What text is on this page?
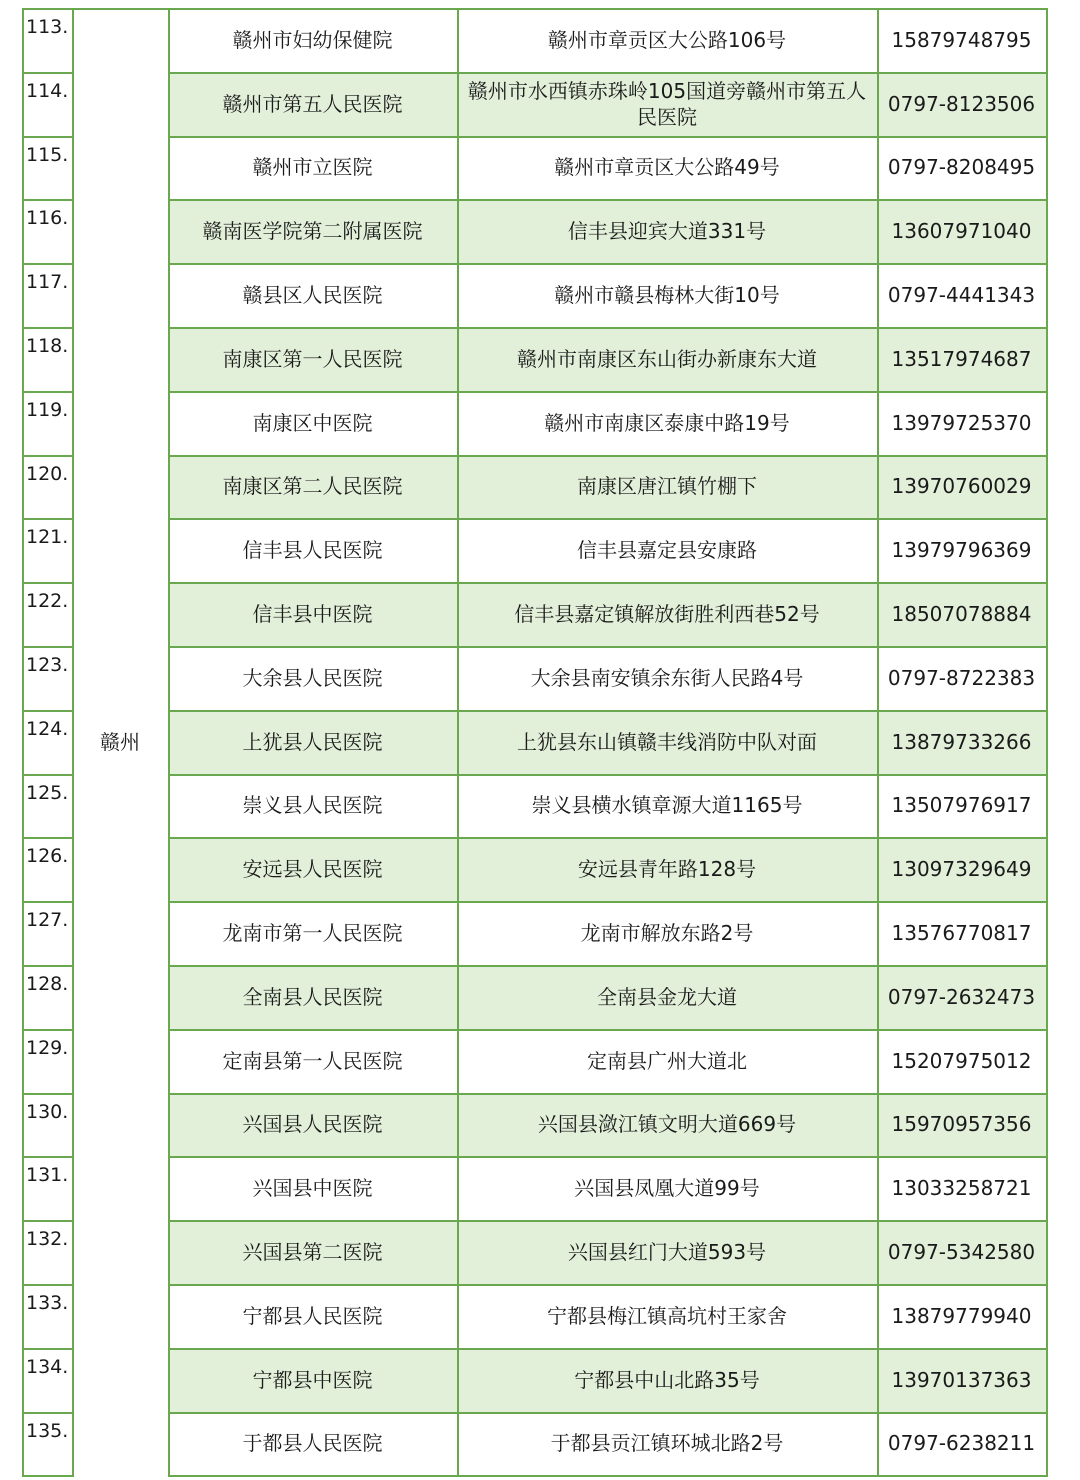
赣州
113.
赣州市妇幼保健院	赣州市章贡区大公路106号	15879748795
114.
赣州市第五人民医院
赣州市水西镇赤珠岭105国道旁赣州市第五人民医院
0797-8123506
115.
赣州市立医院	赣州市章贡区大公路49号	0797-8208495
116.
赣南医学院第二附属医院	信丰县迎宾大道331号	13607971040
117.
赣县区人民医院	赣州市赣县梅林大街10号	0797-4441343
118.
南康区第一人民医院	赣州市南康区东山街办新康东大道	13517974687
119.
南康区中医院	赣州市南康区泰康中路19号	13979725370
120.
南康区第二人民医院	南康区唐江镇竹棚下	13970760029
121.
信丰县人民医院	信丰县嘉定县安康路	13979796369
122.
信丰县中医院	信丰县嘉定镇解放街胜利西巷52号	18507078884
123.
大余县人民医院	大余县南安镇余东街人民路4号	0797-8722383
124.
上犹县人民医院	上犹县东山镇赣丰线消防中队对面	13879733266
125.
崇义县人民医院	崇义县横水镇章源大道1165号	13507976917
126.
安远县人民医院	安远县青年路128号	13097329649
127.
龙南市第一人民医院	龙南市解放东路2号	13576770817
128.
全南县人民医院	全南县金龙大道	0797-2632473
129.
定南县第一人民医院	定南县广州大道北	15207975012
130.
兴国县人民医院	兴国县潋江镇文明大道669号	15970957356
131.
兴国县中医院	兴国县凤凰大道99号	13033258721
132.
兴国县第二医院	兴国县红门大道593号	0797-5342580
133.
宁都县人民医院	宁都县梅江镇高坑村王家舍	13879779940
134.
宁都县中医院	宁都县中山北路35号	13970137363
135.
于都县人民医院	于都县贡江镇环城北路2号	0797-6238211
